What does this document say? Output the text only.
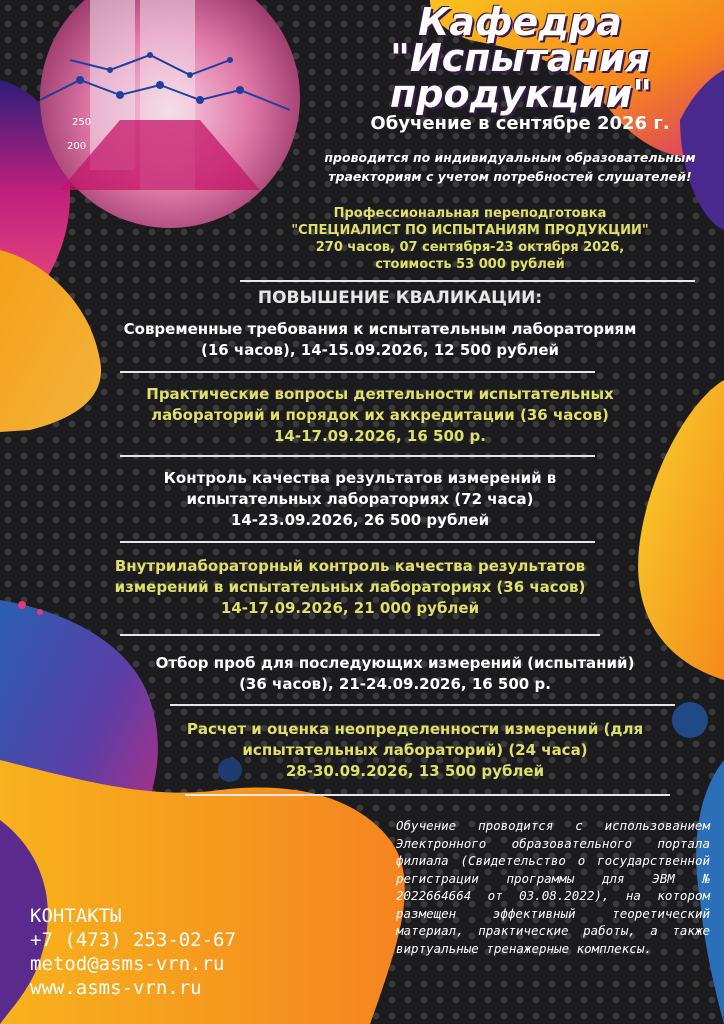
250
200
Кафедра
"Испытания
продукции"
Обучение в сентябре 2026 г.
проводится по индивидуальным образовательным
траекториям с учетом потребностей слушателей!
Профессиональная переподготовка
"СПЕЦИАЛИСТ ПО ИСПЫТАНИЯМ ПРОДУКЦИИ"
270 часов, 07 сентября-23 октября 2026,
стоимость 53 000 рублей
ПОВЫШЕНИЕ КВАЛИКАЦИИ:
Современные требования к испытательным лабораториям
(16 часов), 14-15.09.2026, 12 500 рублей
Практические вопросы деятельности испытательных
лабораторий и порядок их аккредитации (36 часов)
14-17.09.2026, 16 500 р.
Контроль качества результатов измерений в
испытательных лабораториях (72 часа)
14-23.09.2026, 26 500 рублей
Внутрилабораторный контроль качества результатов
измерений в испытательных лабораториях (36 часов)
14-17.09.2026, 21 000 рублей
Отбор проб для последующих измерений (испытаний)
(36 часов), 21-24.09.2026, 16 500 р.
Расчет и оценка неопределенности измерений (для
испытательных лабораторий) (24 часа)
28-30.09.2026, 13 500 рублей
Обучение проводится с использованием Электронного образовательного портала филиала (Свидетельство о государственной регистрации программы для ЭВМ № 2022664664 от 03.08.2022), на котором размещен эффективный теоретический материал, практические работы, а также виртуальные тренажерные комплексы.
КОНТАКТЫ
+7 (473) 253-02-67
metod@asms-vrn.ru
www.asms-vrn.ru
